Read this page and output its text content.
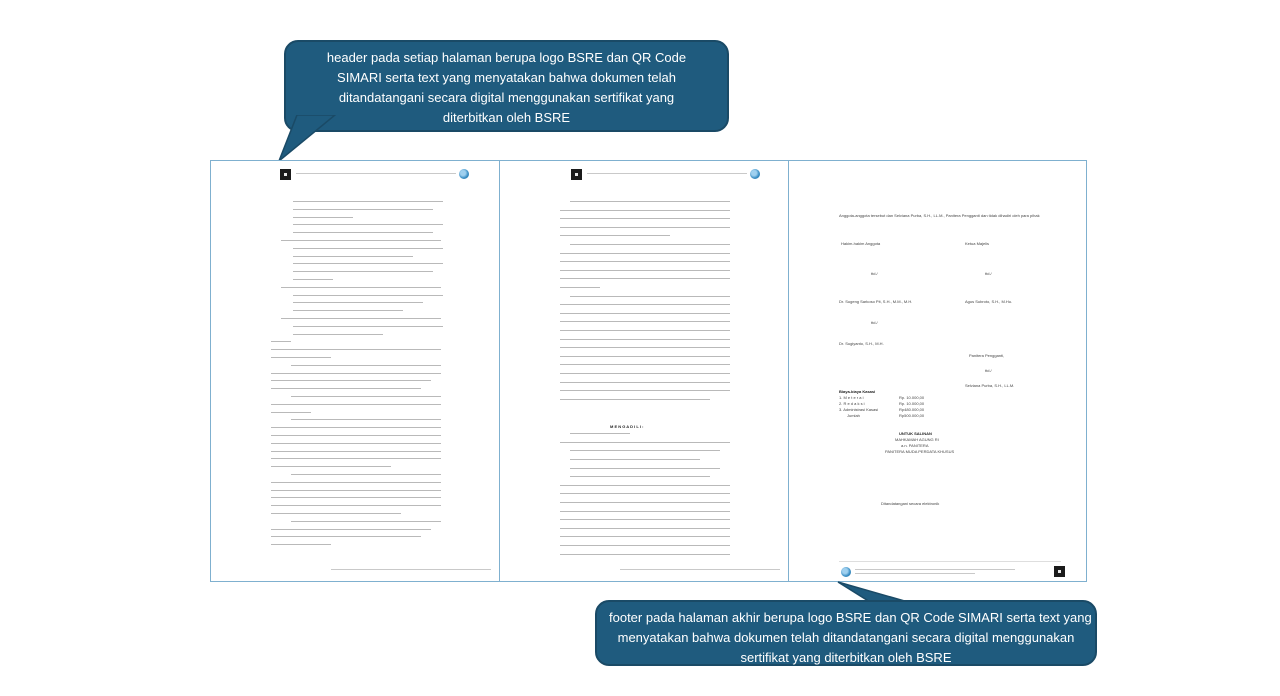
header pada setiap halaman berupa logo BSRE dan QR Code
SIMARI serta text yang menyatakan bahwa dokumen telah
ditandatangani secara digital menggunakan sertifikat yang
diterbitkan oleh BSRE
M E N G A D I L I :
Anggota-anggota tersebut dan Selviana Purba, S.H., LL.M., Panitera Pengganti dan tidak dihadiri oleh para pihak
Hakim-hakim Anggota	Ketua Majelis
ttd./	ttd./
Dr. Sugeng Sarkoso Pit, S.H., M.M., M.H.	Agus Subroto, S.H., M.Hu.
ttd./
Dr. Sugiyanto, S.H., M.H.
Panitera Pengganti,
ttd./
Selviana Purba, S.H., LL.M.
Biaya-biaya Kasasi
1. M e t e r a i	Rp. 10.000,00
2. R e d a k s i	Rp. 10.000,00
3. Administrasi Kasasi	Rp480.000,00
Jumlah	Rp500.000,00
UNTUK SALINAN
MAHKAMAH AGUNG RI
a.n. PANITERA
PANITERA MUDA PERDATA KHUSUS
Ditandatangani secara elektronik
footer pada halaman akhir berupa logo BSRE dan QR Code SIMARI serta text yang
menyatakan bahwa dokumen telah ditandatangani secara digital menggunakan
sertifikat yang diterbitkan oleh BSRE
